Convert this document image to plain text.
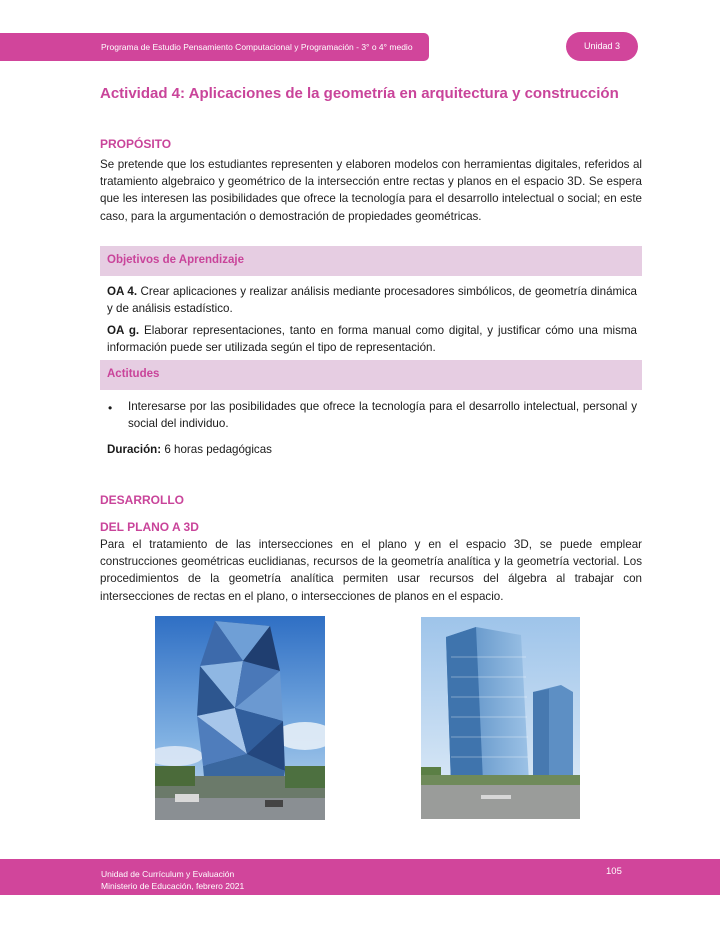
Programa de Estudio Pensamiento Computacional y Programación - 3° o 4° medio	Unidad 3
Actividad 4: Aplicaciones de la geometría en arquitectura y construcción
PROPÓSITO
Se pretende que los estudiantes representen y elaboren modelos con herramientas digitales, referidos al tratamiento algebraico y geométrico de la intersección entre rectas y planos en el espacio 3D. Se espera que les interesen las posibilidades que ofrece la tecnología para el desarrollo intelectual o social; en este caso, para la argumentación o demostración de propiedades geométricas.
Objetivos de Aprendizaje
OA 4. Crear aplicaciones y realizar análisis mediante procesadores simbólicos, de geometría dinámica y de análisis estadístico.
OA g. Elaborar representaciones, tanto en forma manual como digital, y justificar cómo una misma información puede ser utilizada según el tipo de representación.
Actitudes
• Interesarse por las posibilidades que ofrece la tecnología para el desarrollo intelectual, personal y social del individuo.
Duración: 6 horas pedagógicas
DESARROLLO
DEL PLANO A 3D
Para el tratamiento de las intersecciones en el plano y en el espacio 3D, se puede emplear construcciones geométricas euclidianas, recursos de la geometría analítica y la geometría vectorial. Los procedimientos de la geometría analítica permiten usar recursos del álgebra al trabajar con intersecciones de rectas en el plano, o intersecciones de planos en el espacio.
Unidad de Currículum y Evaluación
Ministerio de Educación, febrero 2021
105
